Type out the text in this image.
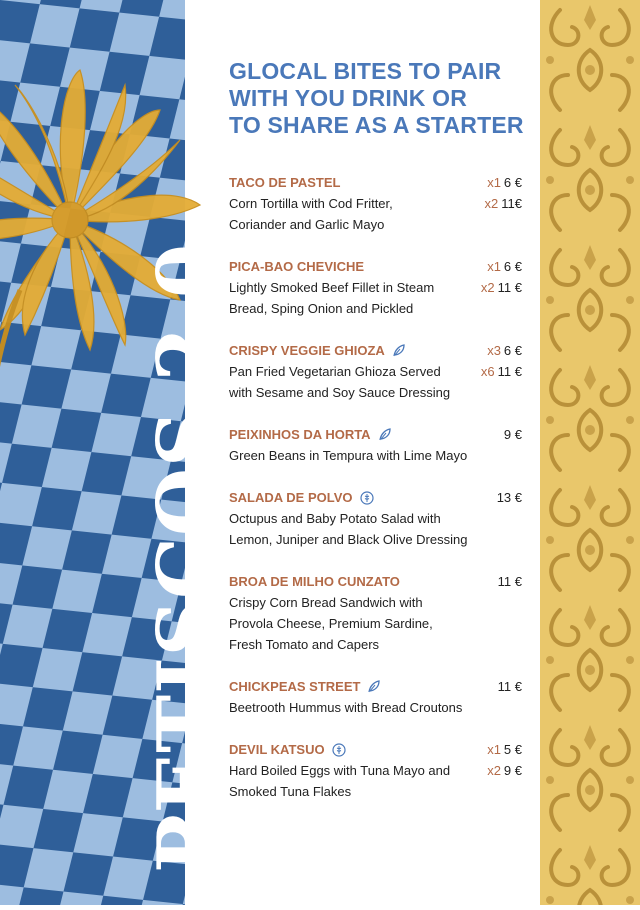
PETISCOS 2.0
GLOCAL BITES TO PAIR
WITH YOU DRINK OR
TO SHARE AS A STARTER
TACO DE PASTEL
Corn Tortilla with Cod Fritter,
Coriander and Garlic Mayo
x1 6 €
x2 11€
PICA-BAO CHEVICHE
Lightly Smoked Beef Fillet in Steam
Bread, Sping Onion and Pickled
x1 6 €
x2 11 €
CRISPY VEGGIE GHIOZA
Pan Fried Vegetarian Ghioza Served
with Sesame and Soy Sauce Dressing
x3 6 €
x6 11 €
PEIXINHOS DA HORTA
Green Beans in Tempura with Lime Mayo
9 €
SALADA DE POLVO
Octupus and Baby Potato Salad with
Lemon, Juniper and Black Olive Dressing
13 €
BROA DE MILHO CUNZATO
Crispy Corn Bread Sandwich with
Provola Cheese, Premium Sardine,
Fresh Tomato and Capers
11 €
CHICKPEAS STREET
Beetrooth Hummus with Bread Croutons
11 €
DEVIL KATSUO
Hard Boiled Eggs with Tuna Mayo and
Smoked Tuna Flakes
x1 5 €
x2 9 €
